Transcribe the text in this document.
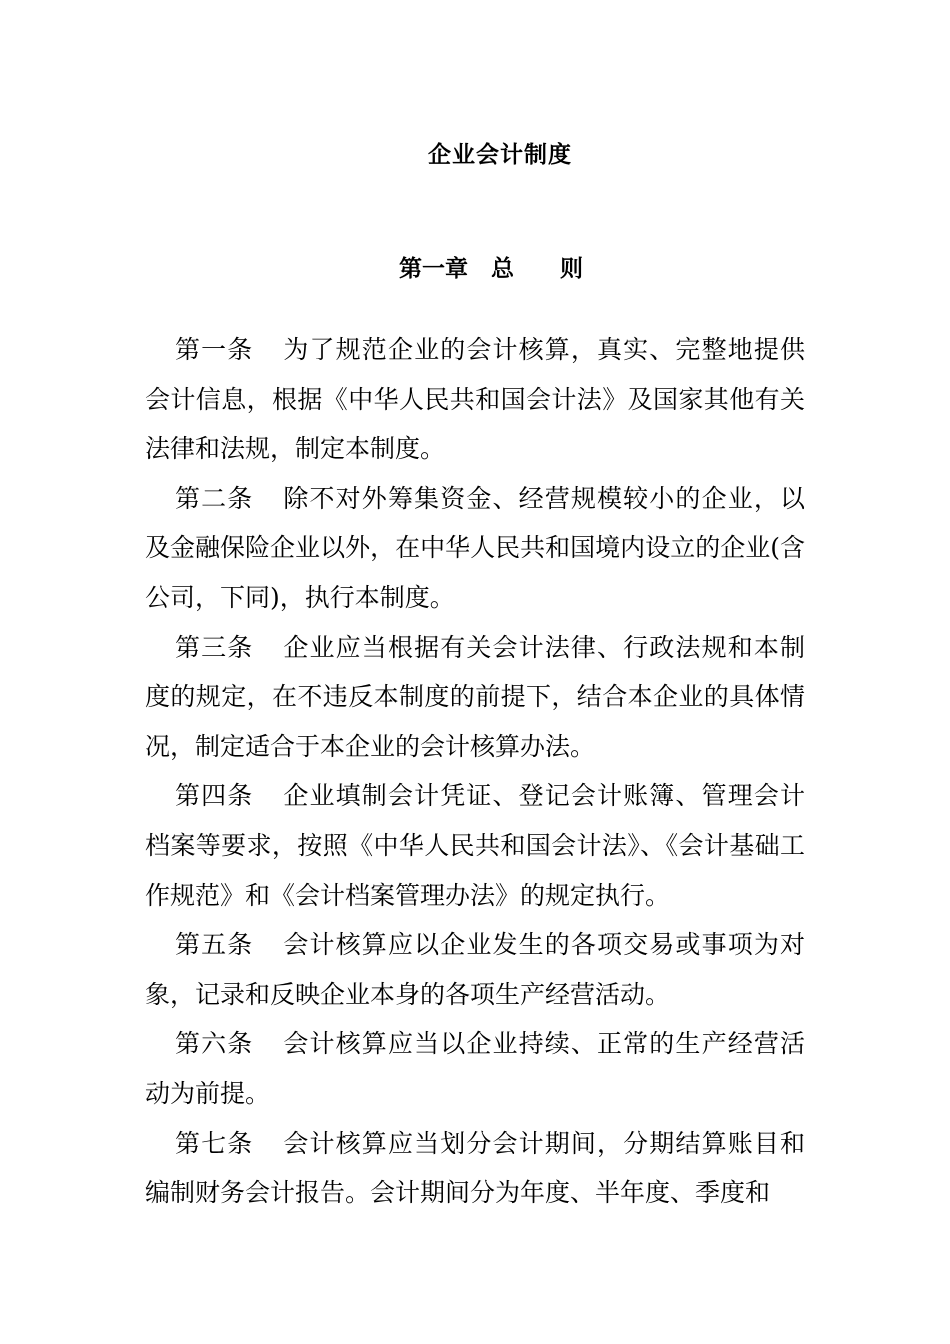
企业会计制度
第一章　总　　则

第一条 为了规范企业的会计核算，真实、完整地提供会计信息，根据《中华人民共和国会计法》及国家其他有关法律和法规，制定本制度。

第二条 除不对外筹集资金、经营规模较小的企业，以及金融保险企业以外，在中华人民共和国境内设立的企业(含公司，下同)，执行本制度。

第三条 企业应当根据有关会计法律、行政法规和本制度的规定，在不违反本制度的前提下，结合本企业的具体情况，制定适合于本企业的会计核算办法。

第四条 企业填制会计凭证、登记会计账簿、管理会计档案等要求，按照《中华人民共和国会计法》、《会计基础工作规范》和《会计档案管理办法》的规定执行。

第五条 会计核算应以企业发生的各项交易或事项为对象，记录和反映企业本身的各项生产经营活动。

第六条 会计核算应当以企业持续、正常的生产经营活动为前提。

第七条 会计核算应当划分会计期间，分期结算账目和编制财务会计报告。会计期间分为年度、半年度、季度和
